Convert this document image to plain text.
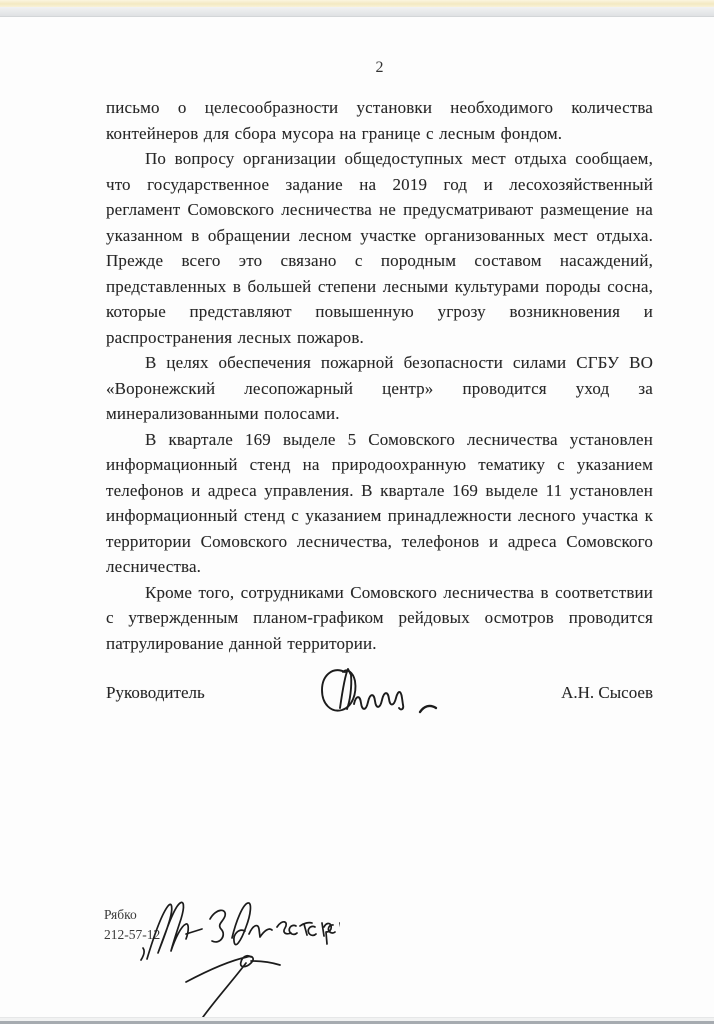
2

письмо о целесообразности установки необходимого количества контейнеров для сбора мусора на границе с лесным фондом.

По вопросу организации общедоступных мест отдыха сообщаем, что государственное задание на 2019 год и лесохозяйственный регламент Сомовского лесничества не предусматривают размещение на указанном в обращении лесном участке организованных мест отдыха. Прежде всего это связано с породным составом насаждений, представленных в большей степени лесными культурами породы сосна, которые представляют повышенную угрозу возникновения и распространения лесных пожаров.

В целях обеспечения пожарной безопасности силами СГБУ ВО «Воронежский лесопожарный центр» проводится уход за минерализованными полосами.

В квартале 169 выделе 5 Сомовского лесничества установлен информационный стенд на природоохранную тематику с указанием телефонов и адреса управления. В квартале 169 выделе 11 установлен информационный стенд с указанием принадлежности лесного участка к территории Сомовского лесничества, телефонов и адреса Сомовского лесничества.

Кроме того, сотрудниками Сомовского лесничества в соответствии с утвержденным планом-графиком рейдовых осмотров проводится патрулирование данной территории.

Руководитель	А.Н. Сысоев
Рябко
212-57-12
